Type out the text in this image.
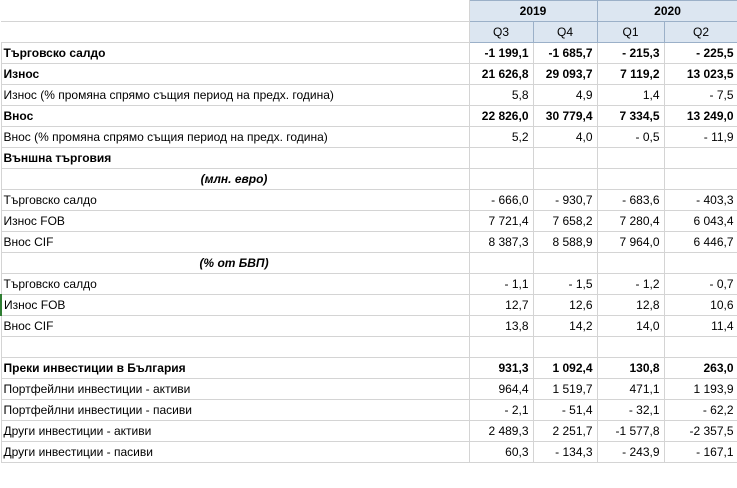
	2019		2020	
	Q3	Q4	Q1	Q2
Търговско салдо	-1 199,1	-1 685,7	- 215,3	- 225,5
Износ	21 626,8	29 093,7	7 119,2	13 023,5
Износ (% промяна спрямо същия период на предх. година)	5,8	4,9	1,4	- 7,5
Внос	22 826,0	30 779,4	7 334,5	13 249,0
Внос (% промяна спрямо същия период на предх. година)	5,2	4,0	- 0,5	- 11,9
Външна търговия				
(млн. евро)				
Търговско салдо	- 666,0	- 930,7	- 683,6	- 403,3
Износ FOB	7 721,4	7 658,2	7 280,4	6 043,4
Внос CIF	8 387,3	8 588,9	7 964,0	6 446,7
(% от БВП)				
Търговско салдо	- 1,1	- 1,5	- 1,2	- 0,7
Износ FOB	12,7	12,6	12,8	10,6
Внос CIF	13,8	14,2	14,0	11,4

Преки инвестиции в България	931,3	1 092,4	130,8	263,0
Портфейлни инвестиции - активи	964,4	1 519,7	471,1	1 193,9
Портфейлни инвестиции - пасиви	- 2,1	- 51,4	- 32,1	- 62,2
Други инвестиции - активи	2 489,3	2 251,7	-1 577,8	-2 357,5
Други инвестиции - пасиви	60,3	- 134,3	- 243,9	- 167,1
